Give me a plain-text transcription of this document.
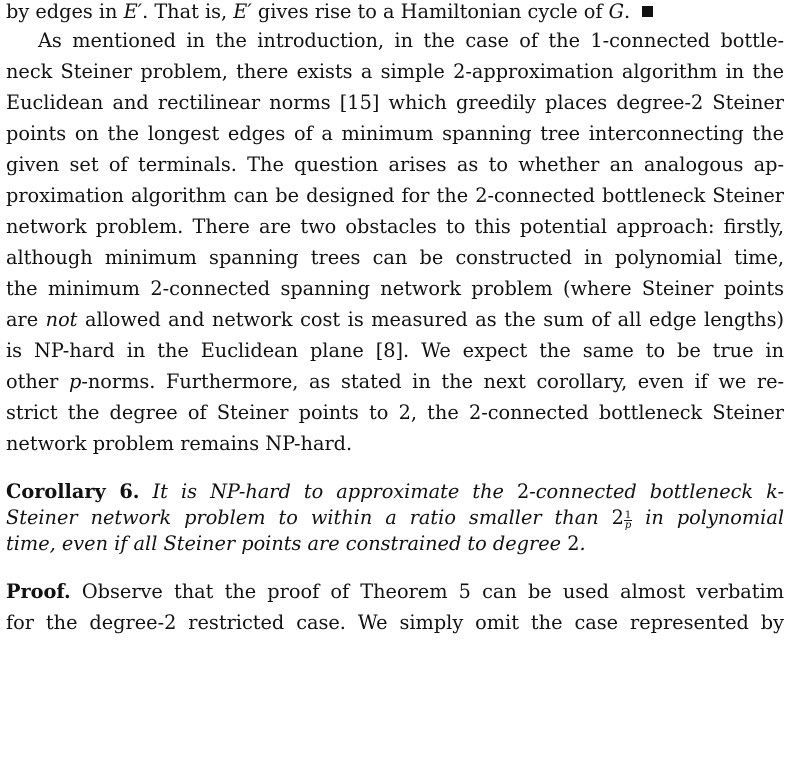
by edges in E′. That is, E′ gives rise to a Hamiltonian cycle of G.
As mentioned in the introduction, in the case of the 1-connected bottle-
neck Steiner problem, there exists a simple 2-approximation algorithm in the
Euclidean and rectilinear norms [15] which greedily places degree-2 Steiner
points on the longest edges of a minimum spanning tree interconnecting the
given set of terminals. The question arises as to whether an analogous ap-
proximation algorithm can be designed for the 2-connected bottleneck Steiner
network problem. There are two obstacles to this potential approach: firstly,
although minimum spanning trees can be constructed in polynomial time,
the minimum 2-connected spanning network problem (where Steiner points
are not allowed and network cost is measured as the sum of all edge lengths)
is NP-hard in the Euclidean plane [8]. We expect the same to be true in
other p-norms. Furthermore, as stated in the next corollary, even if we re-
strict the degree of Steiner points to 2, the 2-connected bottleneck Steiner
network problem remains NP-hard.
Corollary 6. It is NP-hard to approximate the 2-connected bottleneck k-
Steiner network problem to within a ratio smaller than $2 \frac{1}{p}$ in polynomial
time, even if all Steiner points are constrained to degree 2.
Proof. Observe that the proof of Theorem 5 can be used almost verbatim
for the degree-2 restricted case. We simply omit the case represented by
